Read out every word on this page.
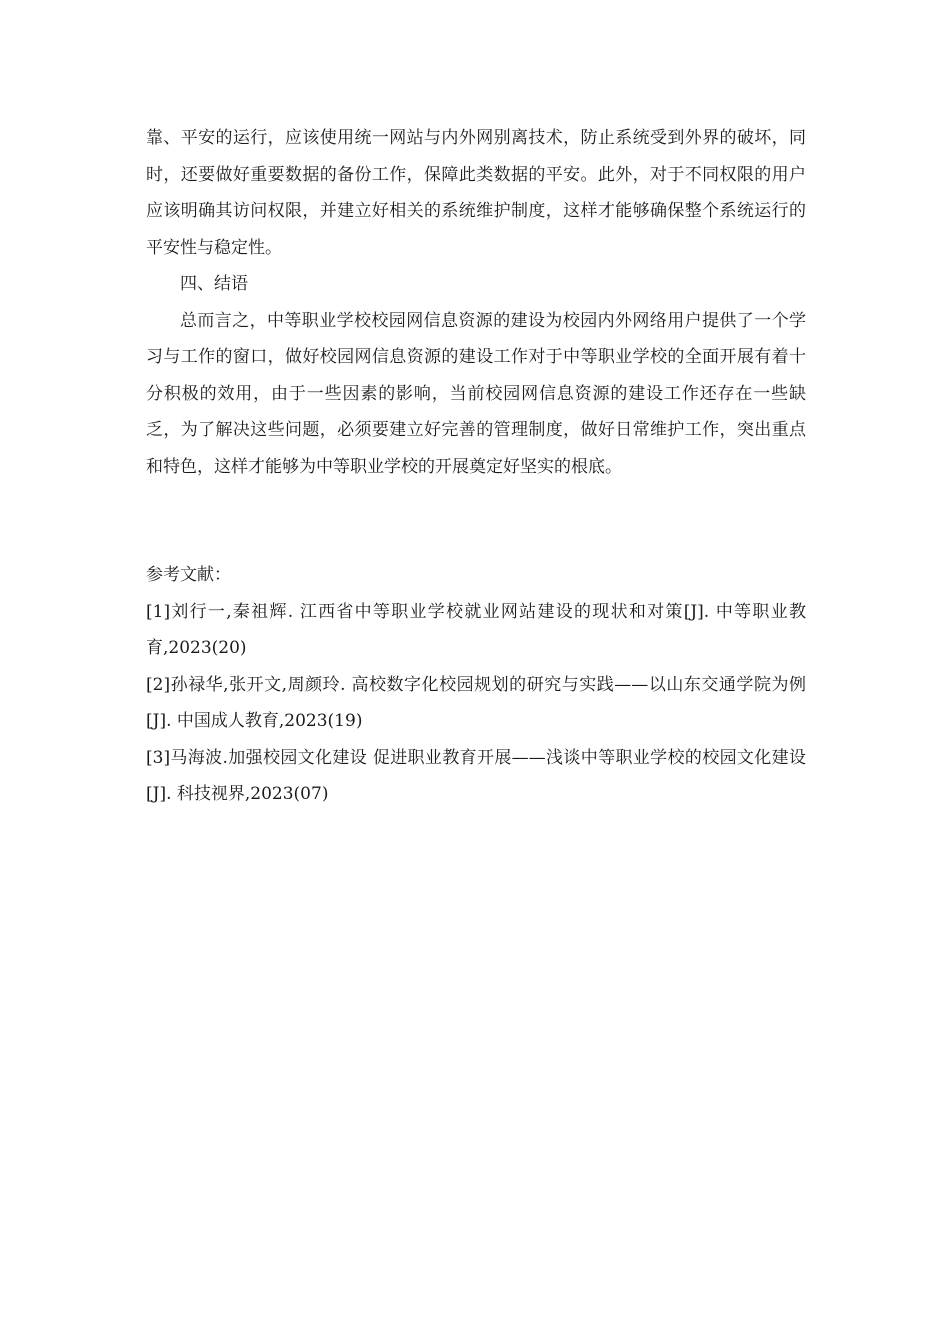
靠、平安的运行，应该使用统一网站与内外网别离技术，防止系统受到外界的破坏，同时，还要做好重要数据的备份工作，保障此类数据的平安。此外，对于不同权限的用户应该明确其访问权限，并建立好相关的系统维护制度，这样才能够确保整个系统运行的平安性与稳定性。

四、结语

总而言之，中等职业学校校园网信息资源的建设为校园内外网络用户提供了一个学习与工作的窗口，做好校园网信息资源的建设工作对于中等职业学校的全面开展有着十分积极的效用，由于一些因素的影响，当前校园网信息资源的建设工作还存在一些缺乏，为了解决这些问题，必须要建立好完善的管理制度，做好日常维护工作，突出重点和特色，这样才能够为中等职业学校的开展奠定好坚实的根底。

参考文献：

[1]刘行一,秦祖辉. 江西省中等职业学校就业网站建设的现状和对策[J]. 中等职业教育,2023(20)

[2]孙禄华,张开文,周颜玲. 高校数字化校园规划的研究与实践——以山东交通学院为例[J]. 中国成人教育,2023(19)

[3]马海波.加强校园文化建设 促进职业教育开展——浅谈中等职业学校的校园文化建设[J]. 科技视界,2023(07)
